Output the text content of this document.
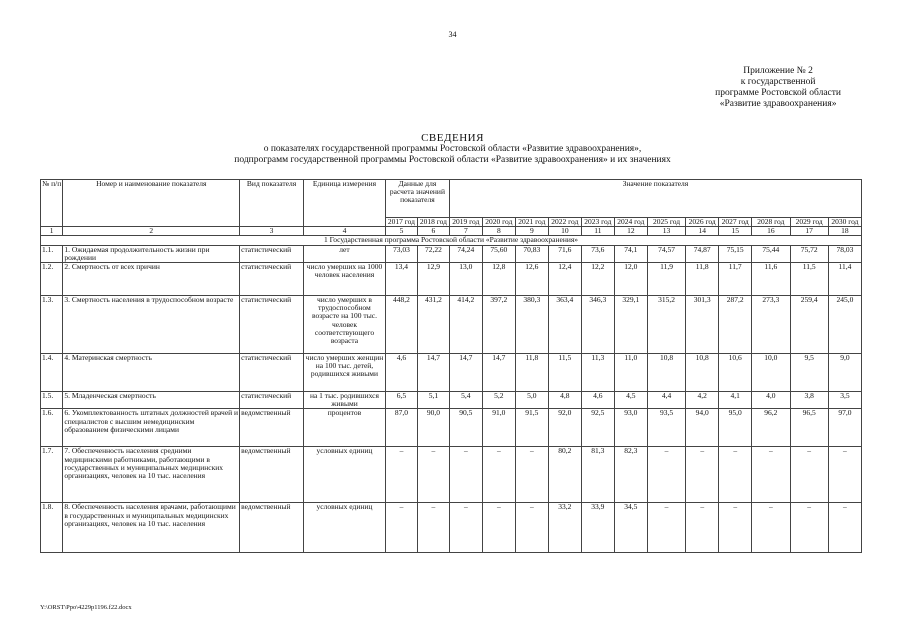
34
Приложение № 2
к государственной
программе Ростовской области
«Развитие здравоохранения»
СВЕДЕНИЯ
о показателях государственной программы Ростовской области «Развитие здравоохранения»,
подпрограмм государственной программы Ростовской области «Развитие здравоохранения» и их значениях
№ п/п	Номер и наименование показателя	Вид показателя	Единица измерения	Данные для расчета значений показателя		Значение показателя											
				2017 год	2018 год	2019 год	2020 год	2021 год	2022 год	2023 год	2024 год	2025 год	2026 год	2027 год	2028 год	2029 год	2030 год
1	2	3	4	5	6	7	8	9	10	11	12	13	14	15	16	17	18
1 Государственная программа Ростовской области «Развитие здравоохранения»																	
1.1.	1. Ожидаемая продолжительность жизни при рождении	статистический	лет	73,03	72,22	74,24	75,60	70,83	71,6	73,6	74,1	74,57	74,87	75,15	75,44	75,72	78,03
1.2.	2. Смертность от всех причин	статистический	число умерших на 1000 человек населения	13,4	12,9	13,0	12,8	12,6	12,4	12,2	12,0	11,9	11,8	11,7	11,6	11,5	11,4
1.3.	3. Смертность населения в трудоспособном возрасте	статистический	число умерших в трудоспособном возрасте на 100 тыс. человек соответствующего возраста	448,2	431,2	414,2	397,2	380,3	363,4	346,3	329,1	315,2	301,3	287,2	273,3	259,4	245,0
1.4.	4. Материнская смертность	статистический	число умерших женщин на 100 тыс. детей, родившихся живыми	4,6	14,7	14,7	14,7	11,8	11,5	11,3	11,0	10,8	10,8	10,6	10,0	9,5	9,0
1.5.	5. Младенческая смертность	статистический	на 1 тыс. родившихся живыми	6,5	5,1	5,4	5,2	5,0	4,8	4,6	4,5	4,4	4,2	4,1	4,0	3,8	3,5
1.6.	6. Укомплектованность штатных должностей врачей и специалистов с высшим немедицинским образованием физическими лицами	ведомственный	процентов	87,0	90,0	90,5	91,0	91,5	92,0	92,5	93,0	93,5	94,0	95,0	96,2	96,5	97,0
1.7.	7. Обеспеченность населения средними медицинскими работниками, работающими в государственных и муниципальных медицинских организациях, человек на 10 тыс. населения	ведомственный	условных единиц	–	–	–	–	–	80,2	81,3	82,3	–	–	–	–	–	–
1.8.	8. Обеспеченность населения врачами, работающими в государственных и муниципальных медицинских организациях, человек на 10 тыс. населения	ведомственный	условных единиц	–	–	–	–	–	33,2	33,9	34,5	–	–	–	–	–	–
Y:\ORST\Ppo\4229p1196.f22.docx
